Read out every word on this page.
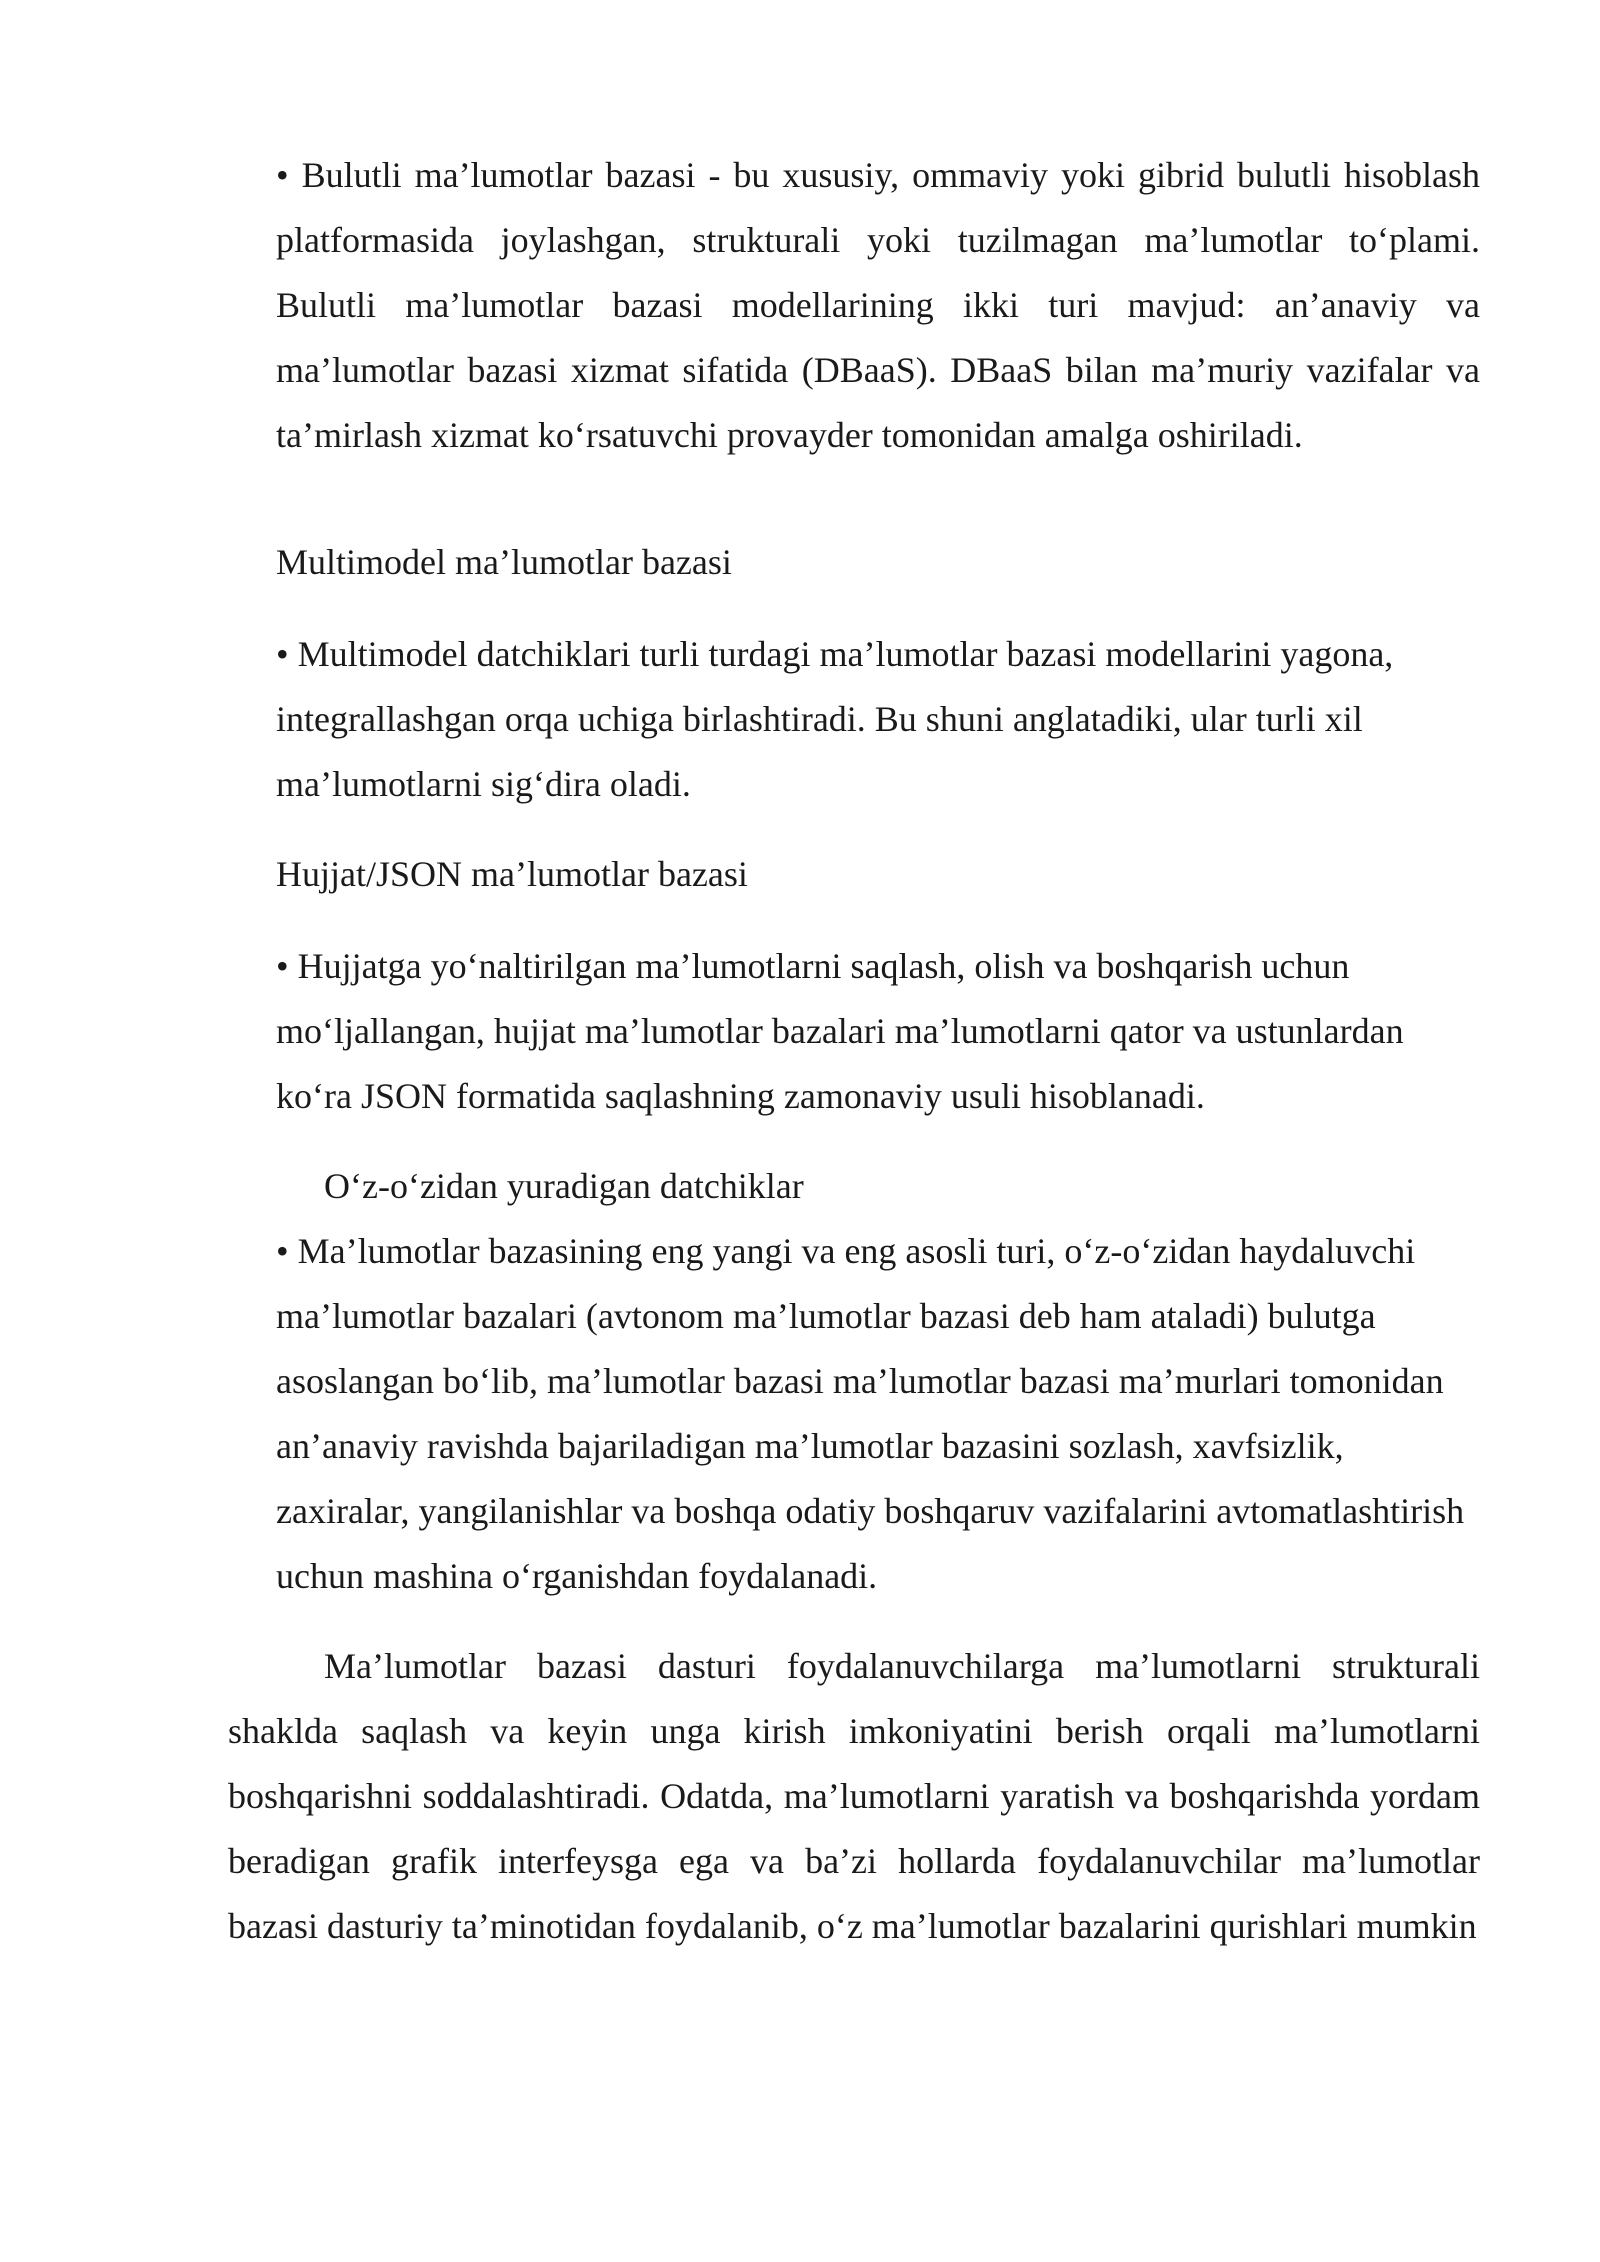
• Bulutli ma’lumotlar bazasi - bu xususiy, ommaviy yoki gibrid bulutli hisoblash platformasida joylashgan, strukturali yoki tuzilmagan ma’lumotlar to‘plami. Bulutli ma’lumotlar bazasi modellarining ikki turi mavjud: an’anaviy va ma’lumotlar bazasi xizmat sifatida (DBaaS). DBaaS bilan ma’muriy vazifalar va ta’mirlash xizmat ko‘rsatuvchi provayder tomonidan amalga oshiriladi.

Multimodel ma’lumotlar bazasi

• Multimodel datchiklari turli turdagi ma’lumotlar bazasi modellarini yagona, integrallashgan orqa uchiga birlashtiradi. Bu shuni anglatadiki, ular turli xil ma’lumotlarni sig‘dira oladi.

Hujjat/JSON ma’lumotlar bazasi

• Hujjatga yo‘naltirilgan ma’lumotlarni saqlash, olish va boshqarish uchun mo‘ljallangan, hujjat ma’lumotlar bazalari ma’lumotlarni qator va ustunlardan ko‘ra JSON formatida saqlashning zamonaviy usuli hisoblanadi.

O‘z-o‘zidan yuradigan datchiklar

• Ma’lumotlar bazasining eng yangi va eng asosli turi, o‘z-o‘zidan haydaluvchi ma’lumotlar bazalari (avtonom ma’lumotlar bazasi deb ham ataladi) bulutga asoslangan bo‘lib, ma’lumotlar bazasi ma’lumotlar bazasi ma’murlari tomonidan an’anaviy ravishda bajariladigan ma’lumotlar bazasini sozlash, xavfsizlik, zaxiralar, yangilanishlar va boshqa odatiy boshqaruv vazifalarini avtomatlashtirish uchun mashina o‘rganishdan foydalanadi.

Ma’lumotlar bazasi dasturi foydalanuvchilarga ma’lumotlarni strukturali shaklda saqlash va keyin unga kirish imkoniyatini berish orqali ma’lumotlarni boshqarishni soddalashtiradi. Odatda, ma’lumotlarni yaratish va boshqarishda yordam beradigan grafik interfeysga ega va ba’zi hollarda foydalanuvchilar ma’lumotlar bazasi dasturiy ta’minotidan foydalanib, o‘z ma’lumotlar bazalarini qurishlari mumkin
